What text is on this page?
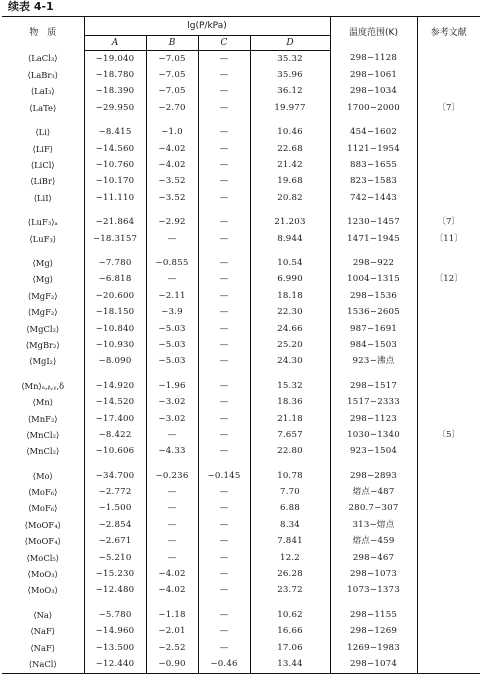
续表 4-1
物　质	lg(P/kPa)				温度范围(K)	参考文献
	A	B	C	D		
⟨LaCl₃⟩	−19.040	−7.05	—	35.32	298−1128	
⟨LaBr₃⟩	−18.780	−7.05	—	35.96	298−1061	
⟨LaI₃⟩	−18.390	−7.05	—	36.12	298−1034	
⟨LaTe⟩	−29.950	−2.70	—	19.977	1700−2000	〔7〕

⟨Li⟩	−8.415	−1.0	—	10.46	454−1602	
⟨LiF⟩	−14.560	−4.02	—	22.68	1121−1954	
⟨LiCl⟩	−10.760	−4.02	—	21.42	883−1655	
⟨LiBr⟩	−10.170	−3.52	—	19.68	823−1583	
⟨LiI⟩	−11.110	−3.52	—	20.82	742−1443	

⟨LuF₃⟩ₐ	−21.864	−2.92	—	21.203	1230−1457	〔7〕
⟨LuF₃⟩	−18.3157	—	—	8.944	1471−1945	〔11〕

⟨Mg⟩	−7.780	−0.855	—	10.54	298−922	
⟨Mg⟩	−6.818	—	—	6.990	1004−1315	〔12〕
⟨MgF₂⟩	−20.600	−2.11	—	18.18	298−1536	
⟨MgF₂⟩	−18.150	−3.9	—	22.30	1536−2605	
⟨MgCl₂⟩	−10.840	−5.03	—	24.66	987−1691	
⟨MgBr₂⟩	−10.930	−5.03	—	25.20	984−1503	
⟨MgI₂⟩	−8.090	−5.03	—	24.30	923−沸点	

⟨Mn⟩ₐ,ᵦ,ᵧ,δ	−14.920	−1.96	—	15.32	298−1517	
⟨Mn⟩	−14.520	−3.02	—	18.36	1517−2333	
⟨MnF₂⟩	−17.400	−3.02	—	21.18	298−1123	
⟨MnCl₂⟩	−8.422	—	—	7.657	1030−1340	〔5〕
⟨MnCl₂⟩	−10.606	−4.33	—	22.80	923−1504	

⟨Mo⟩	−34.700	−0.236	−0.145	10.78	298−2893	
⟨MoF₆⟩	−2.772	—	—	7.70	熔点−487	
⟨MoF₆⟩	−1.500	—	—	6.88	280.7−307	
⟨MoOF₄⟩	−2.854	—	—	8.34	313−熔点	
⟨MoOF₄⟩	−2.671	—	—	7.841	熔点−459	
⟨MoCl₅⟩	−5.210	—	—	12.2	298−467	
⟨MoO₃⟩	−15.230	−4.02	—	26.28	298−1073	
⟨MoO₃⟩	−12.480	−4.02	—	23.72	1073−1373	

⟨Na⟩	−5.780	−1.18	—	10.62	298−1155	
⟨NaF⟩	−14.960	−2.01	—	16.66	298−1269	
⟨NaF⟩	−13.500	−2.52	—	17.06	1269−1983	
⟨NaCl⟩	−12.440	−0.90	−0.46	13.44	298−1074	
